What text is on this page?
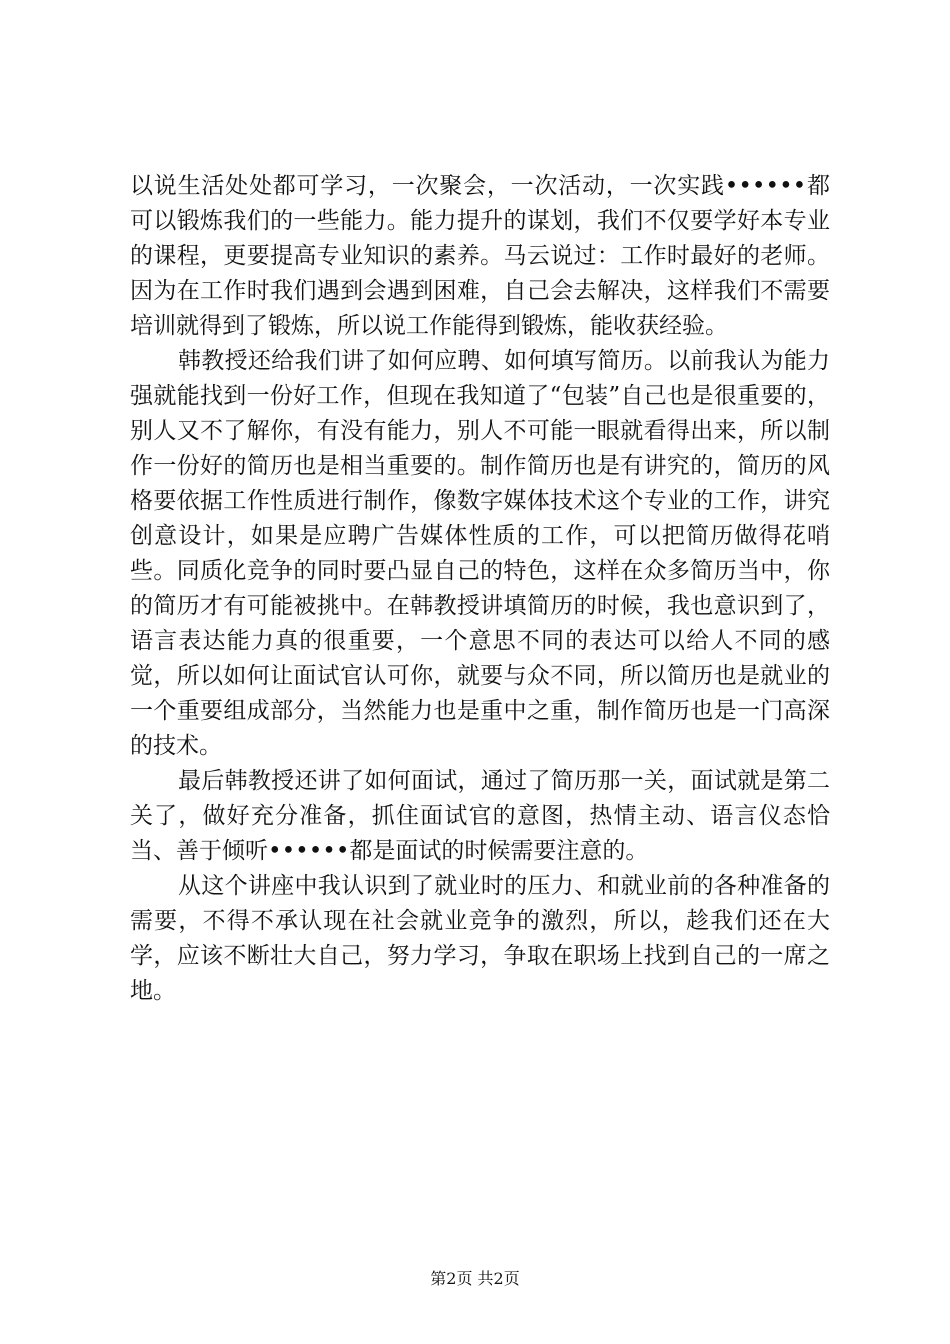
以说生活处处都可学习，一次聚会，一次活动，一次实践••••••都可以锻炼我们的一些能力。能力提升的谋划，我们不仅要学好本专业的课程，更要提高专业知识的素养。马云说过：工作时最好的老师。因为在工作时我们遇到会遇到困难，自己会去解决，这样我们不需要培训就得到了锻炼，所以说工作能得到锻炼，能收获经验。

韩教授还给我们讲了如何应聘、如何填写简历。以前我认为能力强就能找到一份好工作，但现在我知道了“包装”自己也是很重要的，别人又不了解你，有没有能力，别人不可能一眼就看得出来，所以制作一份好的简历也是相当重要的。制作简历也是有讲究的，简历的风格要依据工作性质进行制作，像数字媒体技术这个专业的工作，讲究创意设计，如果是应聘广告媒体性质的工作，可以把简历做得花哨些。同质化竞争的同时要凸显自己的特色，这样在众多简历当中，你的简历才有可能被挑中。在韩教授讲填简历的时候，我也意识到了，语言表达能力真的很重要，一个意思不同的表达可以给人不同的感觉，所以如何让面试官认可你，就要与众不同，所以简历也是就业的一个重要组成部分，当然能力也是重中之重，制作简历也是一门高深的技术。

最后韩教授还讲了如何面试，通过了简历那一关，面试就是第二关了，做好充分准备，抓住面试官的意图，热情主动、语言仪态恰当、善于倾听••••••都是面试的时候需要注意的。

从这个讲座中我认识到了就业时的压力、和就业前的各种准备的需要，不得不承认现在社会就业竞争的激烈，所以，趁我们还在大学，应该不断壮大自己，努力学习，争取在职场上找到自己的一席之地。

第2页 共2页
